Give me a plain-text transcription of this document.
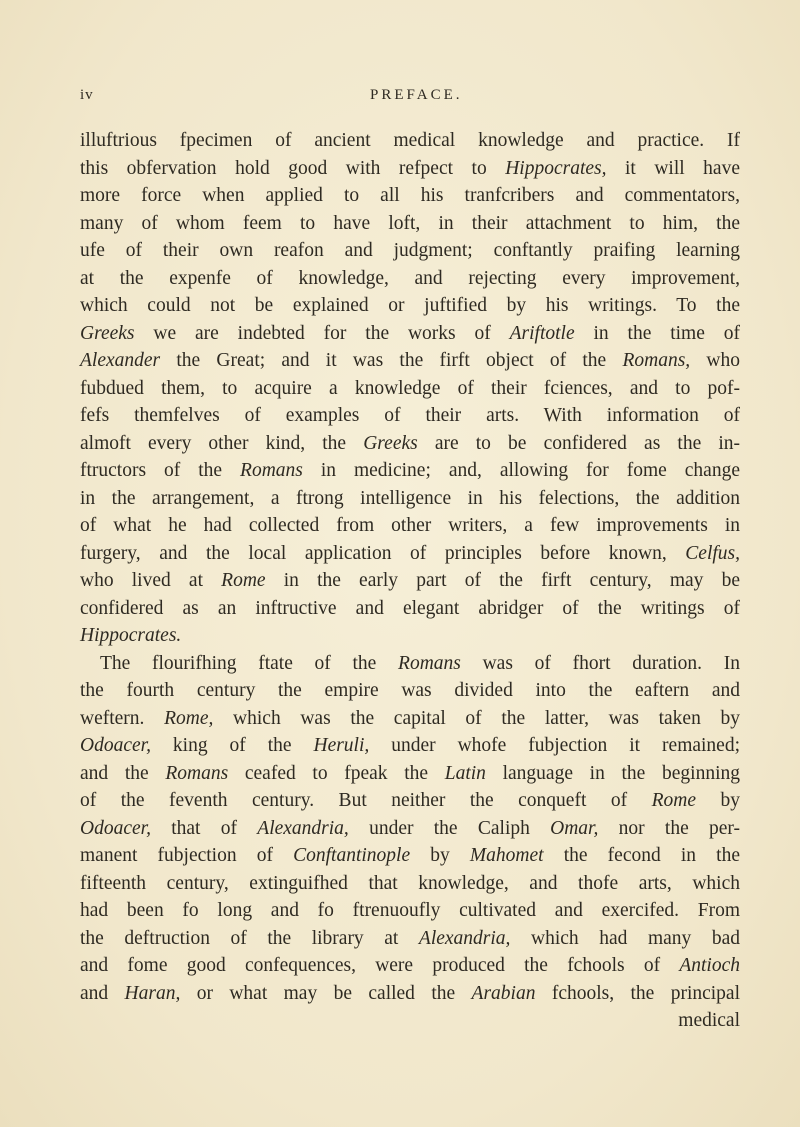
iv	PREFACE.
illuftrious fpecimen of ancient medical knowledge and practice. If
this obfervation hold good with refpect to Hippocrates, it will have
more force when applied to all his tranfcribers and commentators,
many of whom feem to have loft, in their attachment to him, the
ufe of their own reafon and judgment; conftantly praifing learning
at the expenfe of knowledge, and rejecting every improvement,
which could not be explained or juftified by his writings. To the
Greeks we are indebted for the works of Ariftotle in the time of
Alexander the Great; and it was the firft object of the Romans, who
fubdued them, to acquire a knowledge of their fciences, and to pof-
fefs themfelves of examples of their arts. With information of
almoft every other kind, the Greeks are to be confidered as the in-
ftructors of the Romans in medicine; and, allowing for fome change
in the arrangement, a ftrong intelligence in his felections, the addition
of what he had collected from other writers, a few improvements in
furgery, and the local application of principles before known, Celfus,
who lived at Rome in the early part of the firft century, may be
confidered as an inftructive and elegant abridger of the writings of
Hippocrates.
The flourifhing ftate of the Romans was of fhort duration. In
the fourth century the empire was divided into the eaftern and
weftern. Rome, which was the capital of the latter, was taken by
Odoacer, king of the Heruli, under whofe fubjection it remained;
and the Romans ceafed to fpeak the Latin language in the beginning
of the feventh century. But neither the conqueft of Rome by
Odoacer, that of Alexandria, under the Caliph Omar, nor the per-
manent fubjection of Conftantinople by Mahomet the fecond in the
fifteenth century, extinguifhed that knowledge, and thofe arts, which
had been fo long and fo ftrenuoufly cultivated and exercifed. From
the deftruction of the library at Alexandria, which had many bad
and fome good confequences, were produced the fchools of Antioch
and Haran, or what may be called the Arabian fchools, the principal
medical
